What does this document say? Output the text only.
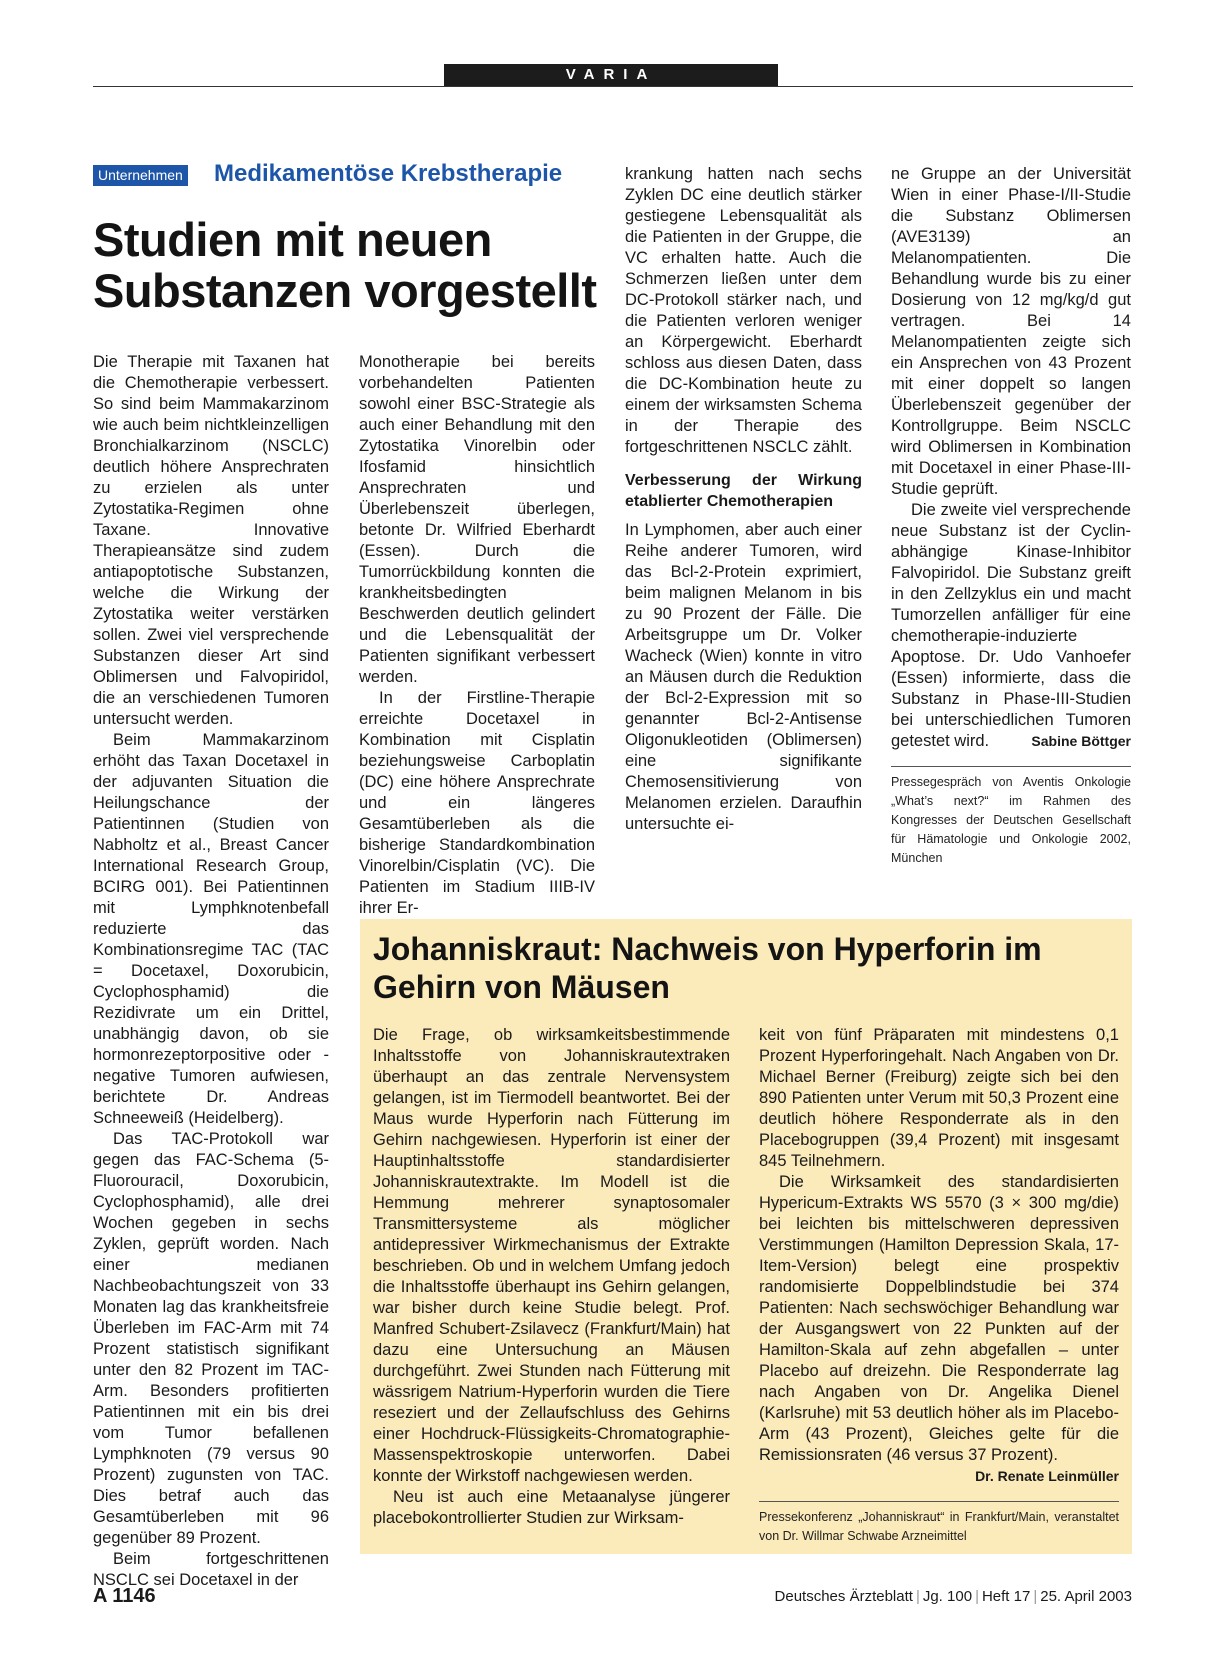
VARIA
Unternehmen Medikamentöse Krebstherapie
Studien mit neuen
Substanzen vorgestellt

Die Therapie mit Taxanen hat die Chemotherapie verbessert. So sind beim Mammakarzinom wie auch beim nichtkleinzelligen Bronchialkarzinom (NSCLC) deutlich höhere Ansprechraten zu erzielen als unter Zytostatika-Regimen ohne Taxane. Innovative Therapieansätze sind zudem antiapoptotische Substanzen, welche die Wirkung der Zytostatika weiter verstärken sollen. Zwei viel versprechende Substanzen dieser Art sind Oblimersen und Falvopiridol, die an verschiedenen Tumoren untersucht werden.

Beim Mammakarzinom erhöht das Taxan Docetaxel in der adjuvanten Situation die Heilungschance der Patientinnen (Studien von Nabholtz et al., Breast Cancer International Research Group, BCIRG 001). Bei Patientinnen mit Lymphknotenbefall reduzierte das Kombinationsregime TAC (TAC = Docetaxel, Doxorubicin, Cyclophosphamid) die Rezidivrate um ein Drittel, unabhängig davon, ob sie hormonrezeptorpositive oder -negative Tumoren aufwiesen, berichtete Dr. Andreas Schneeweiß (Heidelberg).

Das TAC-Protokoll war gegen das FAC-Schema (5-Fluorouracil, Doxorubicin, Cyclophosphamid), alle drei Wochen gegeben in sechs Zyklen, geprüft worden. Nach einer medianen Nachbeobachtungszeit von 33 Monaten lag das krankheitsfreie Überleben im FAC-Arm mit 74 Prozent statistisch signifikant unter den 82 Prozent im TAC-Arm. Besonders profitierten Patientinnen mit ein bis drei vom Tumor befallenen Lymphknoten (79 versus 90 Prozent) zugunsten von TAC. Dies betraf auch das Gesamtüberleben mit 96 gegenüber 89 Prozent.

Beim fortgeschrittenen NSCLC sei Docetaxel in der

Monotherapie bei bereits vorbehandelten Patienten sowohl einer BSC-Strategie als auch einer Behandlung mit den Zytostatika Vinorelbin oder Ifosfamid hinsichtlich Ansprechraten und Überlebenszeit überlegen, betonte Dr. Wilfried Eberhardt (Essen). Durch die Tumorrückbildung konnten die krankheitsbedingten Beschwerden deutlich gelindert und die Lebensqualität der Patienten signifikant verbessert werden.

In der Firstline-Therapie erreichte Docetaxel in Kombination mit Cisplatin beziehungsweise Carboplatin (DC) eine höhere Ansprechrate und ein längeres Gesamtüberleben als die bisherige Standardkombination Vinorelbin/Cisplatin (VC). Die Patienten im Stadium IIIB-IV ihrer Er-

krankung hatten nach sechs Zyklen DC eine deutlich stärker gestiegene Lebensqualität als die Patienten in der Gruppe, die VC erhalten hatte. Auch die Schmerzen ließen unter dem DC-Protokoll stärker nach, und die Patienten verloren weniger an Körpergewicht. Eberhardt schloss aus diesen Daten, dass die DC-Kombination heute zu einem der wirksamsten Schema in der Therapie des fortgeschrittenen NSCLC zählt.

Verbesserung der Wirkung etablierter Chemotherapien

In Lymphomen, aber auch einer Reihe anderer Tumoren, wird das Bcl-2-Protein exprimiert, beim malignen Melanom in bis zu 90 Prozent der Fälle. Die Arbeitsgruppe um Dr. Volker Wacheck (Wien) konnte in vitro an Mäusen durch die Reduktion der Bcl-2-Expression mit so genannter Bcl-2-Antisense Oligonukleotiden (Oblimersen) eine signifikante Chemosensitivierung von Melanomen erzielen. Daraufhin untersuchte ei-

ne Gruppe an der Universität Wien in einer Phase-I/II-Studie die Substanz Oblimersen (AVE3139) an Melanompatienten. Die Behandlung wurde bis zu einer Dosierung von 12 mg/kg/d gut vertragen. Bei 14 Melanompatienten zeigte sich ein Ansprechen von 43 Prozent mit einer doppelt so langen Überlebenszeit gegenüber der Kontrollgruppe. Beim NSCLC wird Oblimersen in Kombination mit Docetaxel in einer Phase-III-Studie geprüft.

Die zweite viel versprechende neue Substanz ist der Cyclin-abhängige Kinase-Inhibitor Falvopiridol. Die Substanz greift in den Zellzyklus ein und macht Tumorzellen anfälliger für eine chemotherapie-induzierte Apoptose. Dr. Udo Vanhoefer (Essen) informierte, dass die Substanz in Phase-III-Studien bei unterschiedlichen Tumoren getestet wird.	Sabine Böttger

Pressegespräch von Aventis Onkologie „What’s next?“ im Rahmen des Kongresses der Deutschen Gesellschaft für Hämatologie und Onkologie 2002, München
Johanniskraut: Nachweis von Hyperforin im Gehirn von Mäusen

Die Frage, ob wirksamkeitsbestimmende Inhaltsstoffe von Johanniskrautextraken überhaupt an das zentrale Nervensystem gelangen, ist im Tiermodell beantwortet. Bei der Maus wurde Hyperforin nach Fütterung im Gehirn nachgewiesen. Hyperforin ist einer der Hauptinhaltsstoffe standardisierter Johanniskrautextrakte. Im Modell ist die Hemmung mehrerer synaptosomaler Transmittersysteme als möglicher antidepressiver Wirkmechanismus der Extrakte beschrieben. Ob und in welchem Umfang jedoch die Inhaltsstoffe überhaupt ins Gehirn gelangen, war bisher durch keine Studie belegt. Prof. Manfred Schubert-Zsilavecz (Frankfurt/Main) hat dazu eine Untersuchung an Mäusen durchgeführt. Zwei Stunden nach Fütterung mit wässrigem Natrium-Hyperforin wurden die Tiere reseziert und der Zellaufschluss des Gehirns einer Hochdruck-Flüssigkeits-Chromatographie-Massenspektroskopie unterworfen. Dabei konnte der Wirkstoff nachgewiesen werden.

Neu ist auch eine Metaanalyse jüngerer placebokontrollierter Studien zur Wirksam-

keit von fünf Präparaten mit mindestens 0,1 Prozent Hyperforingehalt. Nach Angaben von Dr. Michael Berner (Freiburg) zeigte sich bei den 890 Patienten unter Verum mit 50,3 Prozent eine deutlich höhere Responderrate als in den Placebogruppen (39,4 Prozent) mit insgesamt 845 Teilnehmern.

Die Wirksamkeit des standardisierten Hypericum-Extrakts WS 5570 (3 × 300 mg/die) bei leichten bis mittelschweren depressiven Verstimmungen (Hamilton Depression Skala, 17-Item-Version) belegt eine prospektiv randomisierte Doppelblindstudie bei 374 Patienten: Nach sechswöchiger Behandlung war der Ausgangswert von 22 Punkten auf der Hamilton-Skala auf zehn abgefallen – unter Placebo auf dreizehn. Die Responderrate lag nach Angaben von Dr. Angelika Dienel (Karlsruhe) mit 53 deutlich höher als im Placebo-Arm (43 Prozent), Gleiches gelte für die Remissionsraten (46 versus 37 Prozent).
Dr. Renate Leinmüller

Pressekonferenz „Johanniskraut“ in Frankfurt/Main, veranstaltet von Dr. Willmar Schwabe Arzneimittel
A 1146	Deutsches Ärzteblatt | Jg. 100 | Heft 17 | 25. April 2003
